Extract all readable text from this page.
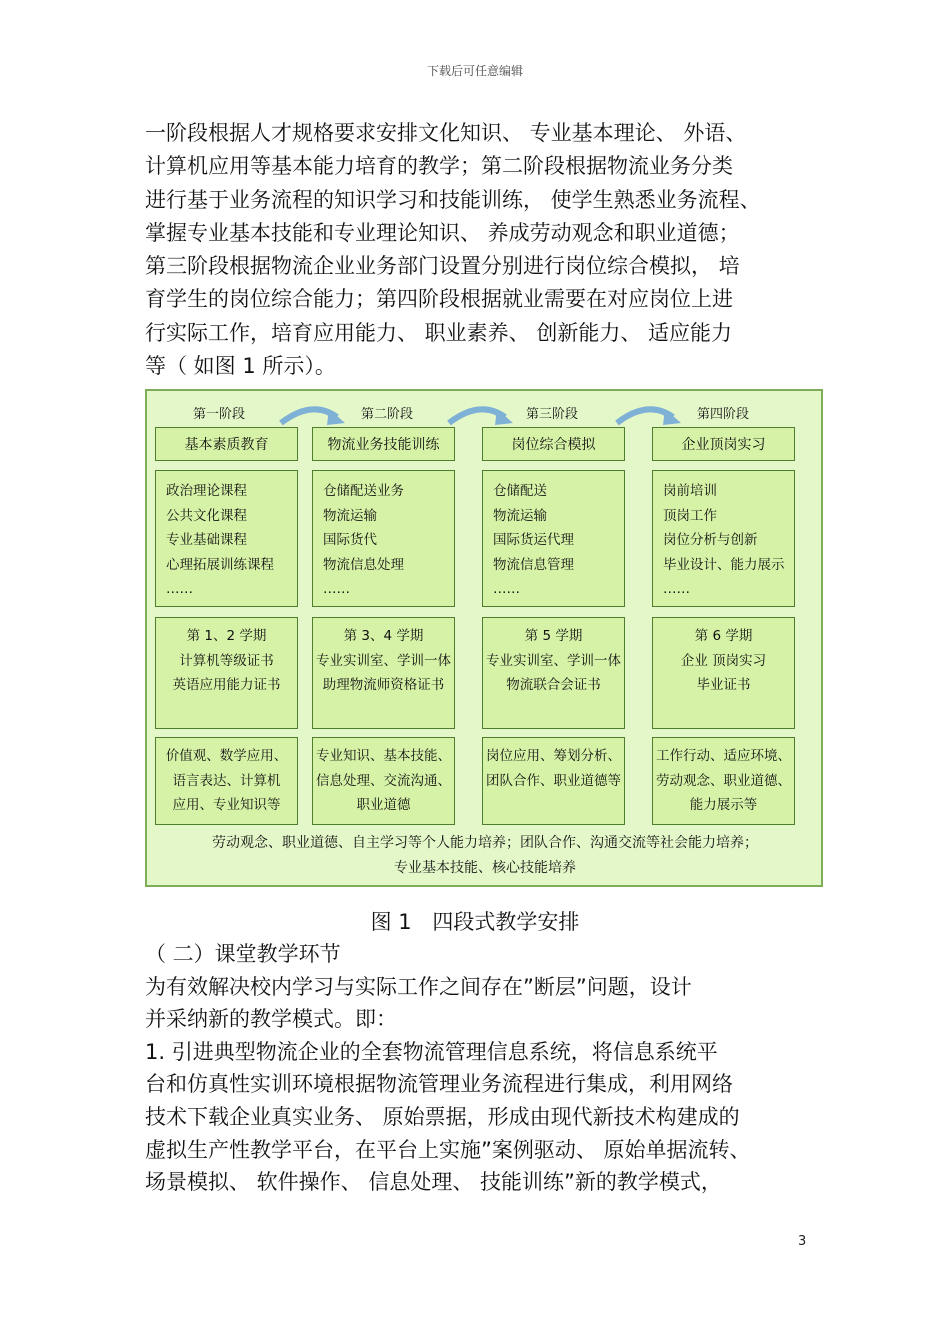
下载后可任意编辑
一阶段根据人才规格要求安排文化知识、 专业基本理论、 外语、
计算机应用等基本能力培育的教学；第二阶段根据物流业务分类
进行基于业务流程的知识学习和技能训练， 使学生熟悉业务流程、
掌握专业基本技能和专业理论知识、 养成劳动观念和职业道德；
第三阶段根据物流企业业务部门设置分别进行岗位综合模拟， 培
育学生的岗位综合能力；第四阶段根据就业需要在对应岗位上进
行实际工作，培育应用能力、 职业素养、 创新能力、 适应能力
等（ 如图 1 所示）。
第一阶段	第二阶段	第三阶段	第四阶段
基本素质教育	物流业务技能训练	岗位综合模拟	企业顶岗实习
政治理论课程
公共文化课程
专业基础课程
心理拓展训练课程
……
仓储配送业务
物流运输
国际货代
物流信息处理
……
仓储配送
物流运输
国际货运代理
物流信息管理
……
岗前培训
顶岗工作
岗位分析与创新
毕业设计、能力展示
……
第 1、2 学期
计算机等级证书
英语应用能力证书
第 3、4 学期
专业实训室、学训一体
助理物流师资格证书
第 5 学期
专业实训室、学训一体
物流联合会证书
第 6 学期
企业 顶岗实习
毕业证书
价值观、数学应用、
语言表达、计算机
应用、专业知识等
专业知识、基本技能、
信息处理、交流沟通、
职业道德
岗位应用、筹划分析、
团队合作、职业道德等
工作行动、适应环境、
劳动观念、职业道德、
能力展示等
劳动观念、职业道德、自主学习等个人能力培养；团队合作、沟通交流等社会能力培养；
专业基本技能、核心技能培养
图 1 四段式教学安排
（ 二）课堂教学环节
为有效解决校内学习与实际工作之间存在”断层”问题，设计
并采纳新的教学模式。即：
1. 引进典型物流企业的全套物流管理信息系统，将信息系统平
台和仿真性实训环境根据物流管理业务流程进行集成，利用网络
技术下载企业真实业务、 原始票据，形成由现代新技术构建成的
虚拟生产性教学平台，在平台上实施”案例驱动、 原始单据流转、
场景模拟、 软件操作、 信息处理、 技能训练”新的教学模式，
3
